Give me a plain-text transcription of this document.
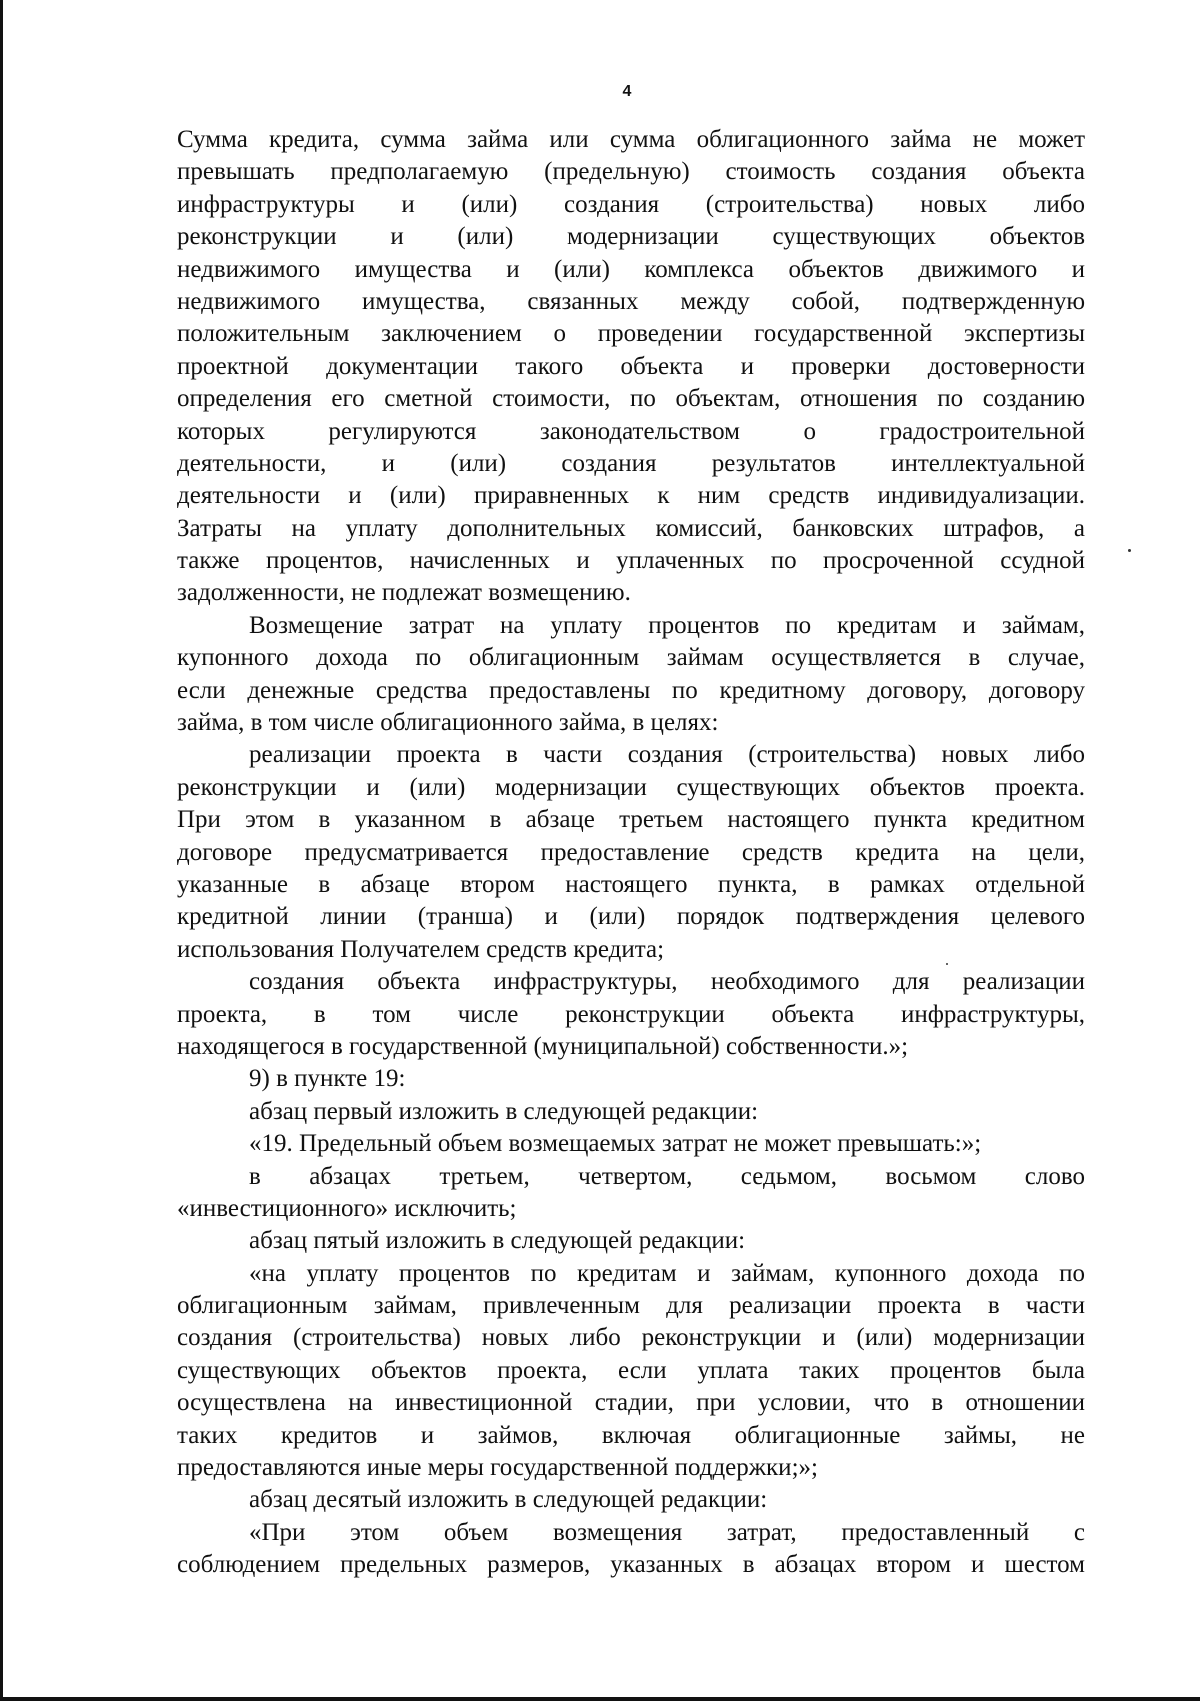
4
Сумма кредита, сумма займа или сумма облигационного займа не может
превышать предполагаемую (предельную) стоимость создания объекта
инфраструктуры и (или) создания (строительства) новых либо
реконструкции и (или) модернизации существующих объектов
недвижимого имущества и (или) комплекса объектов движимого и
недвижимого имущества, связанных между собой, подтвержденную
положительным заключением о проведении государственной экспертизы
проектной документации такого объекта и проверки достоверности
определения его сметной стоимости, по объектам, отношения по созданию
которых регулируются законодательством о градостроительной
деятельности, и (или) создания результатов интеллектуальной
деятельности и (или) приравненных к ним средств индивидуализации.
Затраты на уплату дополнительных комиссий, банковских штрафов, а
также процентов, начисленных и уплаченных по просроченной ссудной
задолженности, не подлежат возмещению.
Возмещение затрат на уплату процентов по кредитам и займам,
купонного дохода по облигационным займам осуществляется в случае,
если денежные средства предоставлены по кредитному договору, договору
займа, в том числе облигационного займа, в целях:
реализации проекта в части создания (строительства) новых либо
реконструкции и (или) модернизации существующих объектов проекта.
При этом в указанном в абзаце третьем настоящего пункта кредитном
договоре предусматривается предоставление средств кредита на цели,
указанные в абзаце втором настоящего пункта, в рамках отдельной
кредитной линии (транша) и (или) порядок подтверждения целевого
использования Получателем средств кредита;
создания объекта инфраструктуры, необходимого для реализации
проекта, в том числе реконструкции объекта инфраструктуры,
находящегося в государственной (муниципальной) собственности.»;
9) в пункте 19:
абзац первый изложить в следующей редакции:
«19. Предельный объем возмещаемых затрат не может превышать:»;
в абзацах третьем, четвертом, седьмом, восьмом слово
«инвестиционного» исключить;
абзац пятый изложить в следующей редакции:
«на уплату процентов по кредитам и займам, купонного дохода по
облигационным займам, привлеченным для реализации проекта в части
создания (строительства) новых либо реконструкции и (или) модернизации
существующих объектов проекта, если уплата таких процентов была
осуществлена на инвестиционной стадии, при условии, что в отношении
таких кредитов и займов, включая облигационные займы, не
предоставляются иные меры государственной поддержки;»;
абзац десятый изложить в следующей редакции:
«При этом объем возмещения затрат, предоставленный с
соблюдением предельных размеров, указанных в абзацах втором и шестом
